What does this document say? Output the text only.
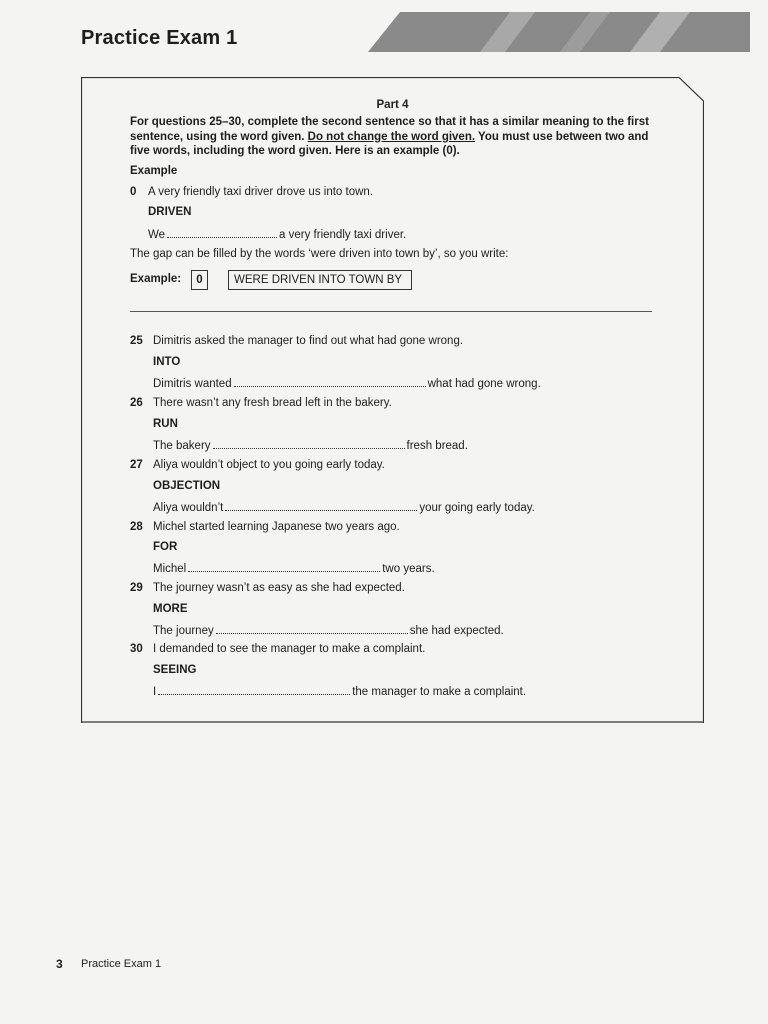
Practice Exam 1
Part 4
For questions 25–30, complete the second sentence so that it has a similar meaning to the first sentence, using the word given. Do not change the word given. You must use between two and five words, including the word given. Here is an example (0).
Example
0 A very friendly taxi driver drove us into town.
DRIVEN
We	a very friendly taxi driver.
The gap can be filled by the words ‘were driven into town by’, so you write:
Example:	0	WERE DRIVEN INTO TOWN BY
25 Dimitris asked the manager to find out what had gone wrong.
INTO
Dimitris wanted	what had gone wrong.
26 There wasn’t any fresh bread left in the bakery.
RUN
The bakery	fresh bread.
27 Aliya wouldn’t object to you going early today.
OBJECTION
Aliya wouldn’t	your going early today.
28 Michel started learning Japanese two years ago.
FOR
Michel	two years.
29 The journey wasn’t as easy as she had expected.
MORE
The journey	she had expected.
30 I demanded to see the manager to make a complaint.
SEEING
I	the manager to make a complaint.
3 Practice Exam 1
